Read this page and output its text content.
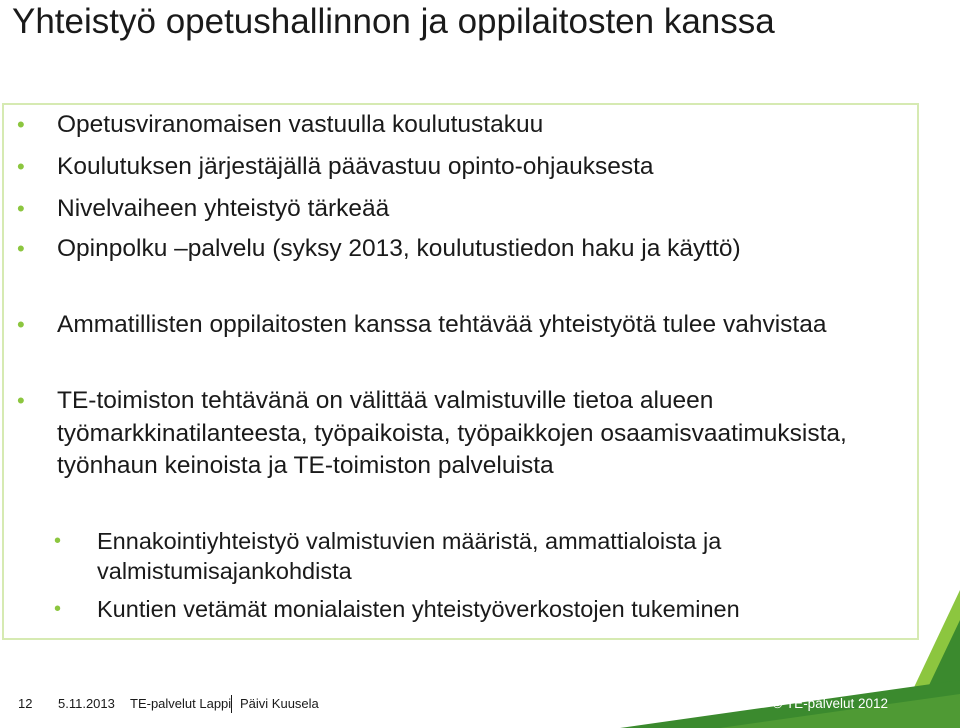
Yhteistyö opetushallinnon ja oppilaitosten kanssa
• Opetusviranomaisen vastuulla koulutustakuu
• Koulutuksen järjestäjällä päävastuu opinto-ohjauksesta
• Nivelvaiheen yhteistyö tärkeää
• Opinpolku –palvelu (syksy 2013, koulutustiedon haku ja käyttö)
• Ammatillisten oppilaitosten kanssa tehtävää yhteistyötä tulee vahvistaa
• TE-toimiston tehtävänä on välittää valmistuville tietoa alueen työmarkkinatilanteesta, työpaikoista, työpaikkojen osaamisvaatimuksista, työnhaun keinoista ja TE-toimiston palveluista
• Ennakointiyhteistyö valmistuvien määristä, ammattialoista ja valmistumisajankohdista
• Kuntien vetämät monialaisten yhteistyöverkostojen tukeminen
12 5.11.2013 TE-palvelut Lappi Päivi Kuusela	© TE-palvelut 2012
